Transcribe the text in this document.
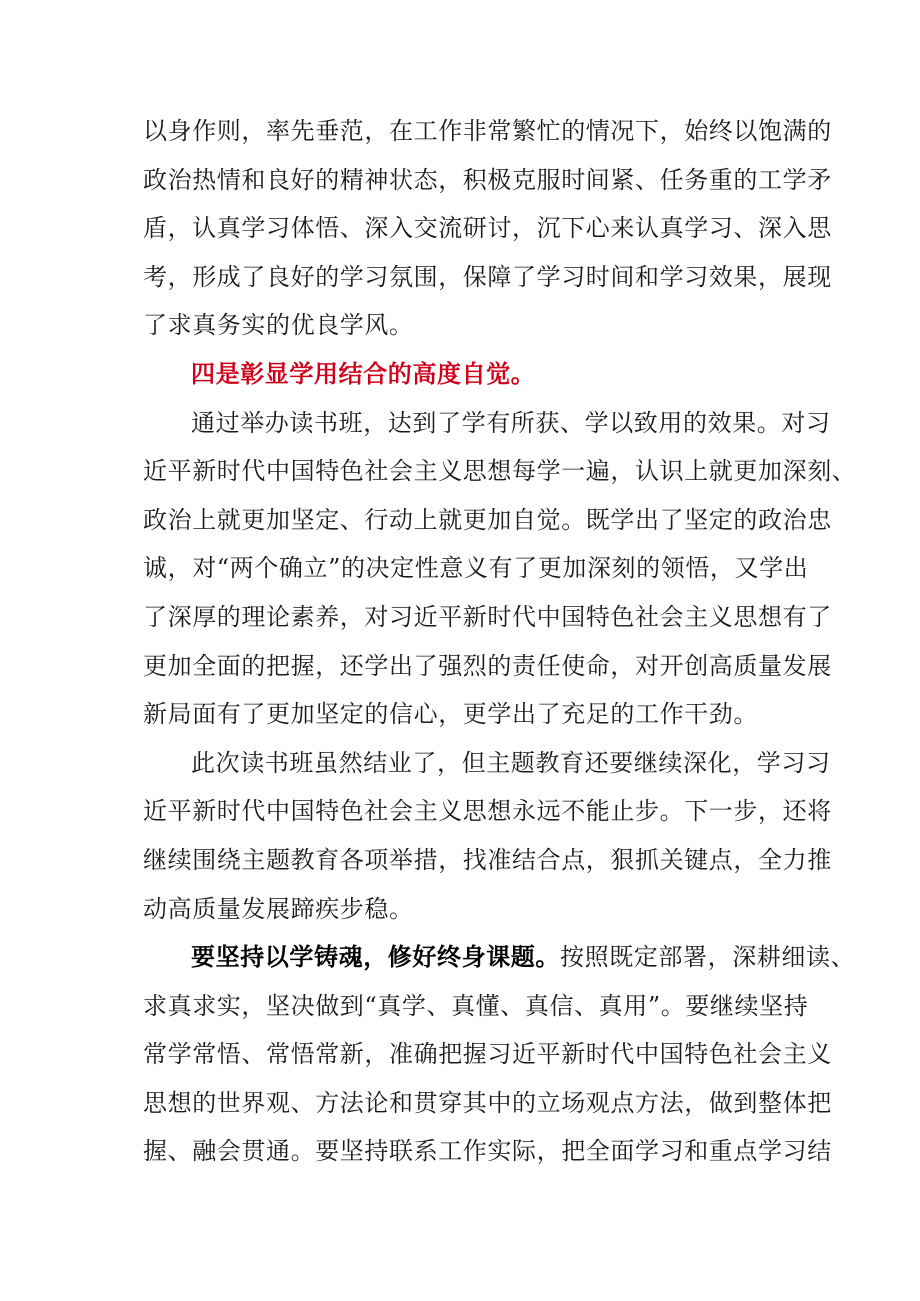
以身作则，率先垂范，在工作非常繁忙的情况下，始终以饱满的
政治热情和良好的精神状态，积极克服时间紧、任务重的工学矛
盾，认真学习体悟、深入交流研讨，沉下心来认真学习、深入思
考，形成了良好的学习氛围，保障了学习时间和学习效果，展现
了求真务实的优良学风。
四是彰显学用结合的高度自觉。
通过举办读书班，达到了学有所获、学以致用的效果。对习
近平新时代中国特色社会主义思想每学一遍，认识上就更加深刻、
政治上就更加坚定、行动上就更加自觉。既学出了坚定的政治忠
诚，对“两个确立”的决定性意义有了更加深刻的领悟，又学出
了深厚的理论素养，对习近平新时代中国特色社会主义思想有了
更加全面的把握，还学出了强烈的责任使命，对开创高质量发展
新局面有了更加坚定的信心，更学出了充足的工作干劲。
此次读书班虽然结业了，但主题教育还要继续深化，学习习
近平新时代中国特色社会主义思想永远不能止步。下一步，还将
继续围绕主题教育各项举措，找准结合点，狠抓关键点，全力推
动高质量发展蹄疾步稳。
要坚持以学铸魂，修好终身课题。按照既定部署，深耕细读、
求真求实，坚决做到“真学、真懂、真信、真用”。要继续坚持
常学常悟、常悟常新，准确把握习近平新时代中国特色社会主义
思想的世界观、方法论和贯穿其中的立场观点方法，做到整体把
握、融会贯通。要坚持联系工作实际，把全面学习和重点学习结
